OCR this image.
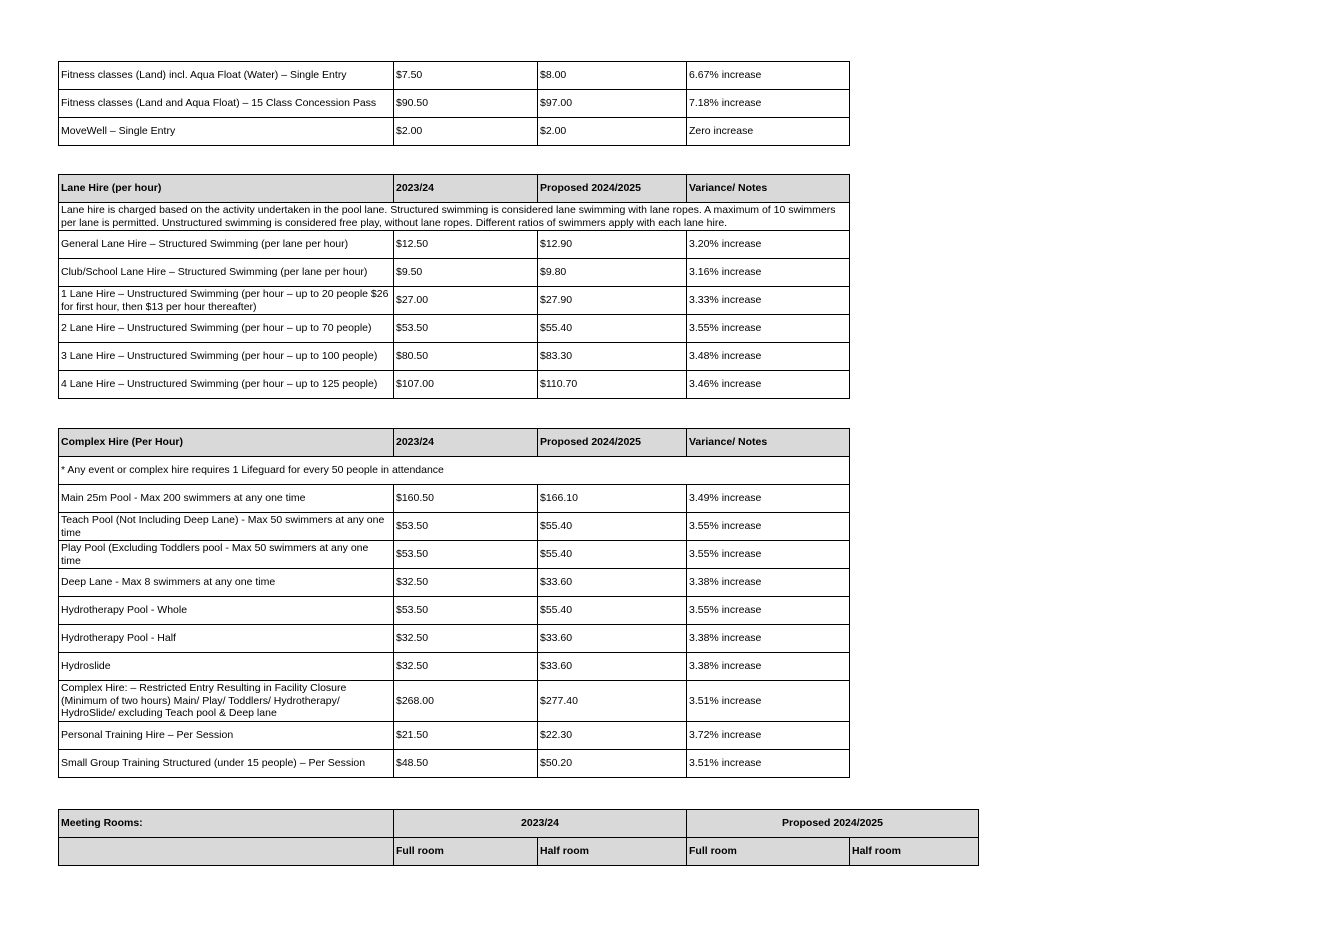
Fitness classes (Land) incl. Aqua Float (Water) – Single Entry	$7.50	$8.00	6.67% increase
Fitness classes (Land and Aqua Float) – 15 Class Concession Pass	$90.50	$97.00	7.18% increase
MoveWell – Single Entry	$2.00	$2.00	Zero increase
Lane Hire (per hour)	2023/24	Proposed 2024/2025	Variance/ Notes
Lane hire is charged based on the activity undertaken in the pool lane. Structured swimming is considered lane swimming with lane ropes. A maximum of 10 swimmers per lane is permitted. Unstructured swimming is considered free play, without lane ropes. Different ratios of swimmers apply with each lane hire.			
General Lane Hire – Structured Swimming (per lane per hour)	$12.50	$12.90	3.20% increase
Club/School Lane Hire – Structured Swimming (per lane per hour)	$9.50	$9.80	3.16% increase
1 Lane Hire – Unstructured Swimming (per hour – up to 20 people $26 for first hour, then $13 per hour thereafter)	$27.00	$27.90	3.33% increase
2 Lane Hire – Unstructured Swimming (per hour – up to 70 people)	$53.50	$55.40	3.55% increase
3 Lane Hire – Unstructured Swimming (per hour – up to 100 people)	$80.50	$83.30	3.48% increase
4 Lane Hire – Unstructured Swimming (per hour – up to 125 people)	$107.00	$110.70	3.46% increase
Complex Hire (Per Hour)	2023/24	Proposed 2024/2025	Variance/ Notes
* Any event or complex hire requires 1 Lifeguard for every 50 people in attendance			
Main 25m Pool - Max 200 swimmers at any one time	$160.50	$166.10	3.49% increase
Teach Pool (Not Including Deep Lane) - Max 50 swimmers at any one time	$53.50	$55.40	3.55% increase
Play Pool (Excluding Toddlers pool - Max 50 swimmers at any one time	$53.50	$55.40	3.55% increase
Deep Lane - Max 8 swimmers at any one time	$32.50	$33.60	3.38% increase
Hydrotherapy Pool - Whole	$53.50	$55.40	3.55% increase
Hydrotherapy Pool - Half	$32.50	$33.60	3.38% increase
Hydroslide	$32.50	$33.60	3.38% increase
Complex Hire: – Restricted Entry Resulting in Facility Closure (Minimum of two hours) Main/ Play/ Toddlers/ Hydrotherapy/ HydroSlide/ excluding Teach pool & Deep lane	$268.00	$277.40	3.51% increase
Personal Training Hire – Per Session	$21.50	$22.30	3.72% increase
Small Group Training Structured (under 15 people) – Per Session	$48.50	$50.20	3.51% increase
Meeting Rooms:	2023/24		Proposed 2024/2025	
	Full room	Half room	Full room	Half room
